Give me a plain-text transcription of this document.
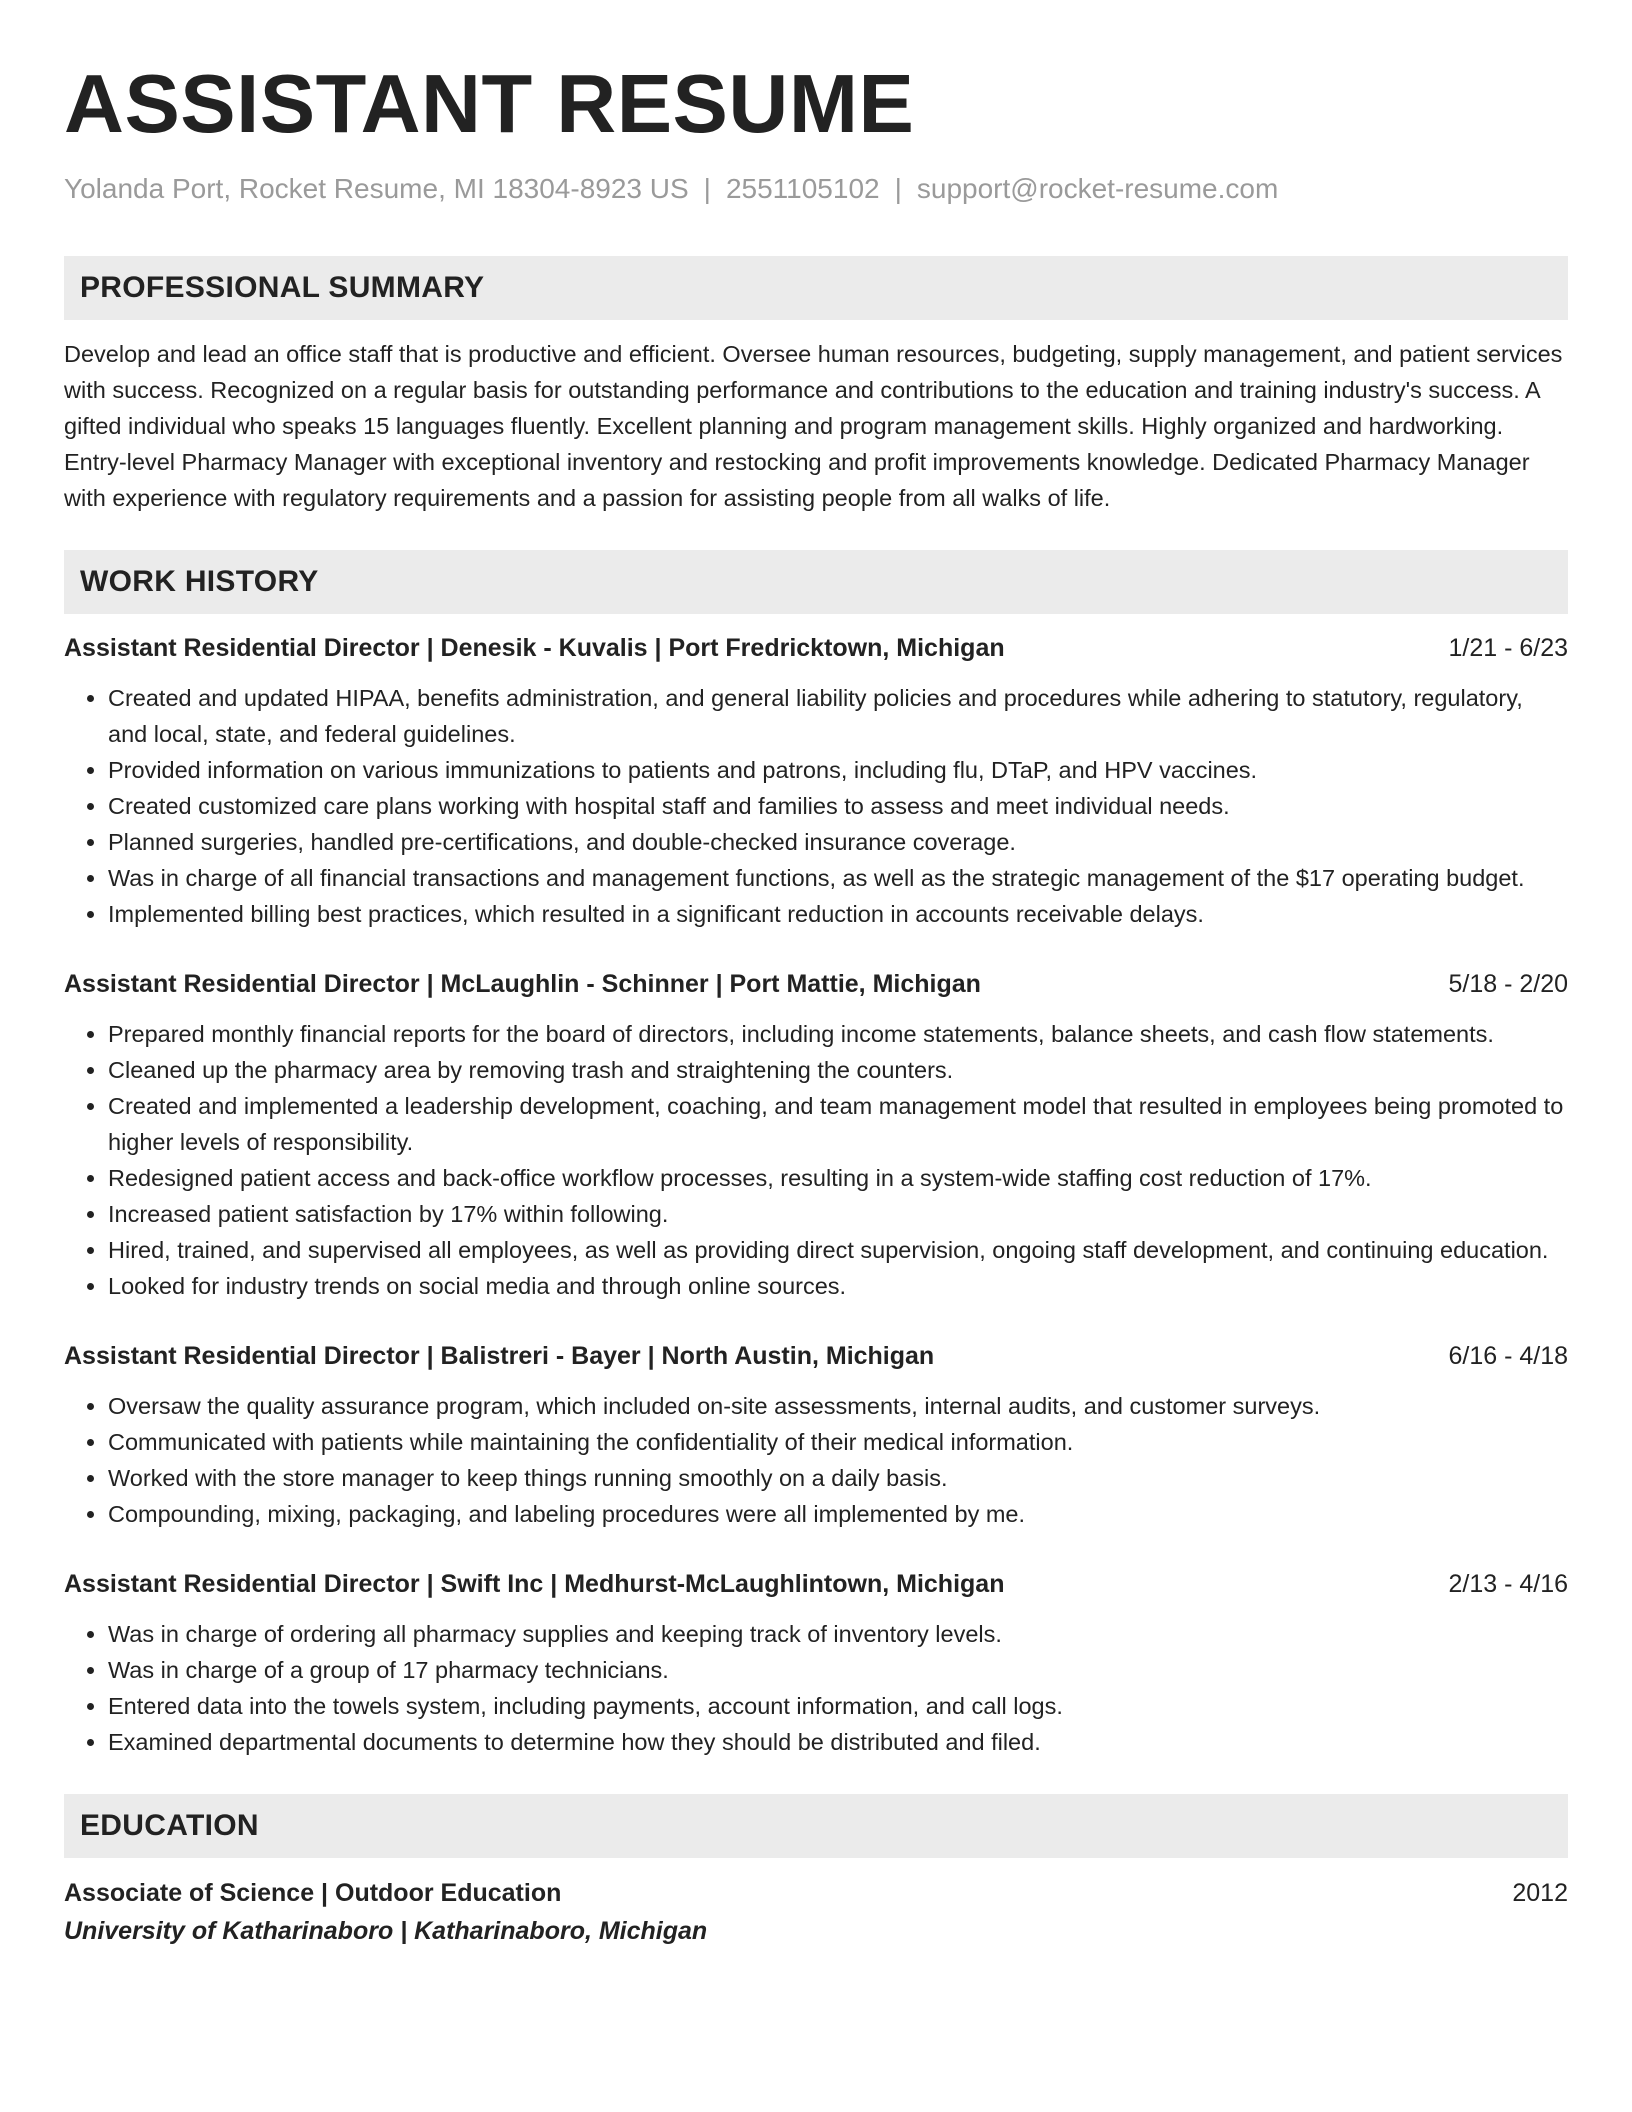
ASSISTANT RESUME
Yolanda Port, Rocket Resume, MI 18304-8923 US | 2551105102 | support@rocket-resume.com
PROFESSIONAL SUMMARY
Develop and lead an office staff that is productive and efficient. Oversee human resources, budgeting, supply management, and patient services with success. Recognized on a regular basis for outstanding performance and contributions to the education and training industry's success. A gifted individual who speaks 15 languages fluently. Excellent planning and program management skills. Highly organized and hardworking. Entry-level Pharmacy Manager with exceptional inventory and restocking and profit improvements knowledge. Dedicated Pharmacy Manager with experience with regulatory requirements and a passion for assisting people from all walks of life.
WORK HISTORY
Assistant Residential Director | Denesik - Kuvalis | Port Fredricktown, Michigan	1/21 - 6/23
• Created and updated HIPAA, benefits administration, and general liability policies and procedures while adhering to statutory, regulatory, and local, state, and federal guidelines.
• Provided information on various immunizations to patients and patrons, including flu, DTaP, and HPV vaccines.
• Created customized care plans working with hospital staff and families to assess and meet individual needs.
• Planned surgeries, handled pre-certifications, and double-checked insurance coverage.
• Was in charge of all financial transactions and management functions, as well as the strategic management of the $17 operating budget.
• Implemented billing best practices, which resulted in a significant reduction in accounts receivable delays.
Assistant Residential Director | McLaughlin - Schinner | Port Mattie, Michigan	5/18 - 2/20
• Prepared monthly financial reports for the board of directors, including income statements, balance sheets, and cash flow statements.
• Cleaned up the pharmacy area by removing trash and straightening the counters.
• Created and implemented a leadership development, coaching, and team management model that resulted in employees being promoted to higher levels of responsibility.
• Redesigned patient access and back-office workflow processes, resulting in a system-wide staffing cost reduction of 17%.
• Increased patient satisfaction by 17% within following.
• Hired, trained, and supervised all employees, as well as providing direct supervision, ongoing staff development, and continuing education.
• Looked for industry trends on social media and through online sources.
Assistant Residential Director | Balistreri - Bayer | North Austin, Michigan	6/16 - 4/18
• Oversaw the quality assurance program, which included on-site assessments, internal audits, and customer surveys.
• Communicated with patients while maintaining the confidentiality of their medical information.
• Worked with the store manager to keep things running smoothly on a daily basis.
• Compounding, mixing, packaging, and labeling procedures were all implemented by me.
Assistant Residential Director | Swift Inc | Medhurst-McLaughlintown, Michigan	2/13 - 4/16
• Was in charge of ordering all pharmacy supplies and keeping track of inventory levels.
• Was in charge of a group of 17 pharmacy technicians.
• Entered data into the towels system, including payments, account information, and call logs.
• Examined departmental documents to determine how they should be distributed and filed.
EDUCATION
Associate of Science | Outdoor Education	2012
University of Katharinaboro | Katharinaboro, Michigan
